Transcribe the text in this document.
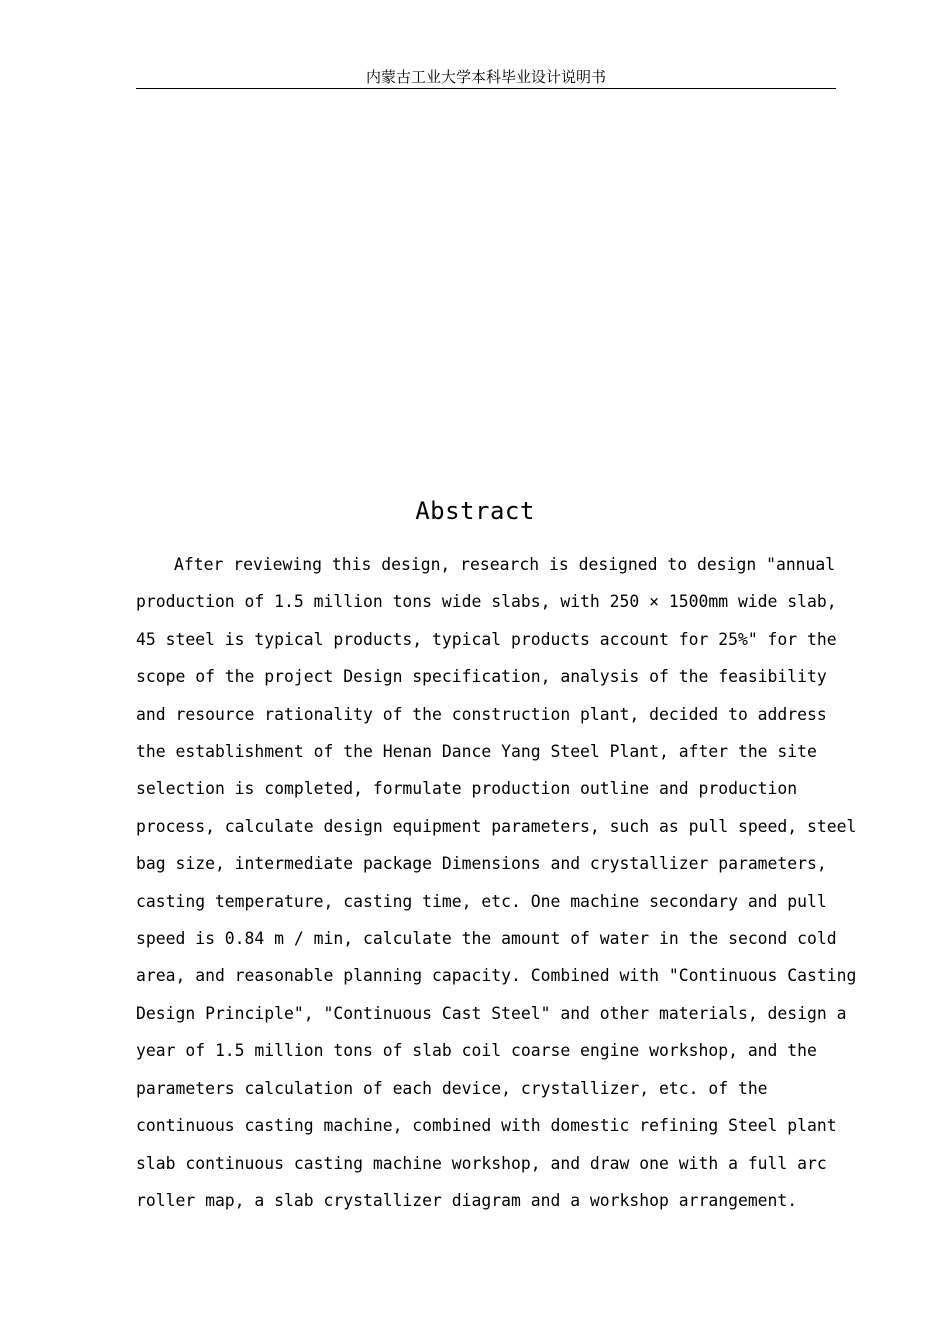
内蒙古工业大学本科毕业设计说明书
Abstract
After reviewing this design, research is designed to design "annual
production of 1.5 million tons wide slabs, with 250 × 1500mm wide slab,
45 steel is typical products, typical products account for 25%" for the
scope of the project Design specification, analysis of the feasibility
and resource rationality of the construction plant, decided to address
the establishment of the Henan Dance Yang Steel Plant, after the site
selection is completed, formulate production outline and production
process, calculate design equipment parameters, such as pull speed, steel
bag size, intermediate package Dimensions and crystallizer parameters,
casting temperature, casting time, etc. One machine secondary and pull
speed is 0.84 m / min, calculate the amount of water in the second cold
area, and reasonable planning capacity. Combined with "Continuous Casting
Design Principle", "Continuous Cast Steel" and other materials, design a
year of 1.5 million tons of slab coil coarse engine workshop, and the
parameters calculation of each device, crystallizer, etc. of the
continuous casting machine, combined with domestic refining Steel plant
slab continuous casting machine workshop, and draw one with a full arc
roller map, a slab crystallizer diagram and a workshop arrangement.
